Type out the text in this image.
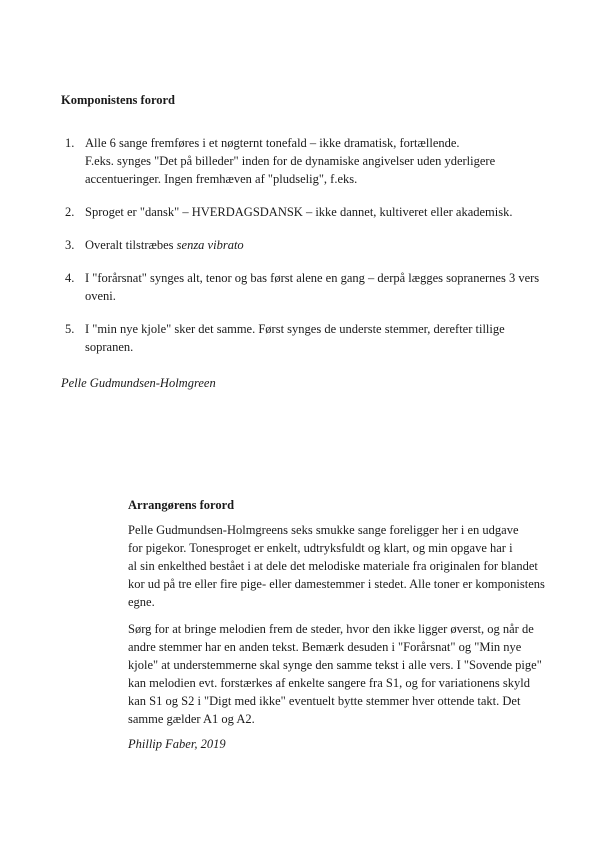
Komponistens forord
1. Alle 6 sange fremføres i et nøgternt tonefald – ikke dramatisk, fortællende.
F.eks. synges "Det på billeder" inden for de dynamiske angivelser uden yderligere
accentueringer. Ingen fremhæven af "pludselig", f.eks.
2. Sproget er "dansk" – HVERDAGSDANSK – ikke dannet, kultiveret eller akademisk.
3. Overalt tilstræbes senza vibrato
4. I "forårsnat" synges alt, tenor og bas først alene en gang – derpå lægges sopranernes 3 vers
oveni.
5. I "min nye kjole" sker det samme. Først synges de underste stemmer, derefter tillige
sopranen.
Pelle Gudmundsen-Holmgreen
Arrangørens forord
Pelle Gudmundsen-Holmgreens seks smukke sange foreligger her i en udgave
for pigekor. Tonesproget er enkelt, udtryksfuldt og klart, og min opgave har i
al sin enkelthed bestået i at dele det melodiske materiale fra originalen for blandet
kor ud på tre eller fire pige- eller damestemmer i stedet. Alle toner er komponistens
egne.
Sørg for at bringe melodien frem de steder, hvor den ikke ligger øverst, og når de
andre stemmer har en anden tekst. Bemærk desuden i "Forårsnat" og "Min nye
kjole" at understemmerne skal synge den samme tekst i alle vers. I "Sovende pige"
kan melodien evt. forstærkes af enkelte sangere fra S1, og for variationens skyld
kan S1 og S2 i "Digt med ikke" eventuelt bytte stemmer hver ottende takt. Det
samme gælder A1 og A2.
Phillip Faber, 2019
